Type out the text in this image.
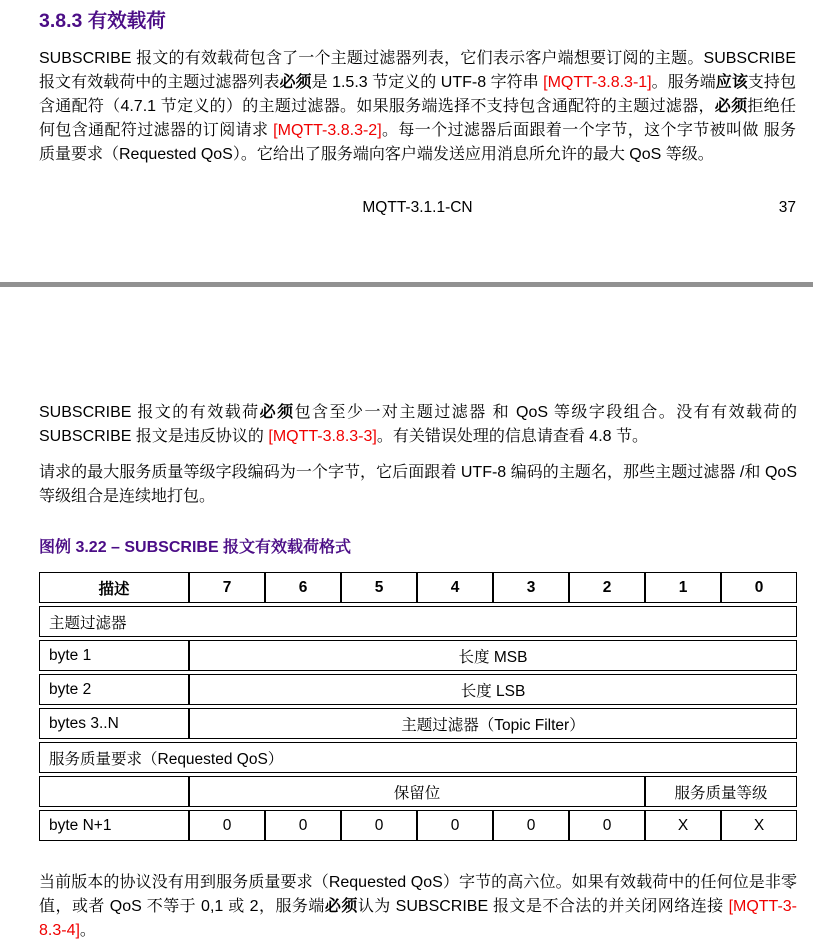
3.8.3 有效载荷

SUBSCRIBE 报文的有效载荷包含了一个主题过滤器列表，它们表示客户端想要订阅的主题。SUBSCRIBE 报文有效载荷中的主题过滤器列表必须是 1.5.3 节定义的 UTF-8 字符串 [MQTT-3.8.3-1]。服务端应该支持包含通配符（4.7.1 节定义的）的主题过滤器。如果服务端选择不支持包含通配符的主题过滤器，必须拒绝任何包含通配符过滤器的订阅请求 [MQTT-3.8.3-2]。每一个过滤器后面跟着一个字节，这个字节被叫做 服务质量要求（Requested QoS）。它给出了服务端向客户端发送应用消息所允许的最大 QoS 等级。

MQTT-3.1.1-CN	37

SUBSCRIBE 报文的有效载荷必须包含至少一对主题过滤器 和 QoS 等级字段组合。没有有效载荷的 SUBSCRIBE 报文是违反协议的 [MQTT-3.8.3-3]。有关错误处理的信息请查看 4.8 节。

请求的最大服务质量等级字段编码为一个字节，它后面跟着 UTF-8 编码的主题名，那些主题过滤器 /和 QoS 等级组合是连续地打包。

图例 3.22 – SUBSCRIBE 报文有效载荷格式

描述	7	6	5	4	3	2	1	0
主题过滤器								
byte 1	长度 MSB							
byte 2	长度 LSB							
bytes 3..N	主题过滤器（Topic Filter）							
服务质量要求（Requested QoS）								
	保留位						服务质量等级	
byte N+1	0	0	0	0	0	0	X	X

当前版本的协议没有用到服务质量要求（Requested QoS）字节的高六位。如果有效载荷中的任何位是非零值，或者 QoS 不等于 0,1 或 2，服务端必须认为 SUBSCRIBE 报文是不合法的并关闭网络连接 [MQTT-3-8.3-4]。
